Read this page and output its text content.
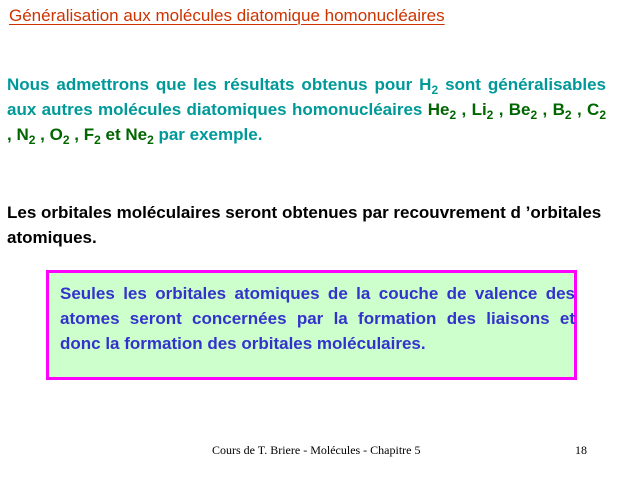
Généralisation aux molécules diatomique homonucléaires
Nous admettrons que les résultats obtenus pour $H_2$ sont généralisables aux autres molécules diatomiques homonucléaires $He_2$ , $Li_2$ , $Be_2$ , $B_2$ , $C_2$ , $N_2$ , $O_2$ , $F_2$ et $Ne_2$ par exemple.
Les orbitales moléculaires seront obtenues par recouvrement d ’orbitales atomiques.
Seules les orbitales atomiques de la couche de valence des atomes seront concernées par la formation des liaisons et donc la formation des orbitales moléculaires.
Cours de T. Briere - Molécules - Chapitre 5	18
